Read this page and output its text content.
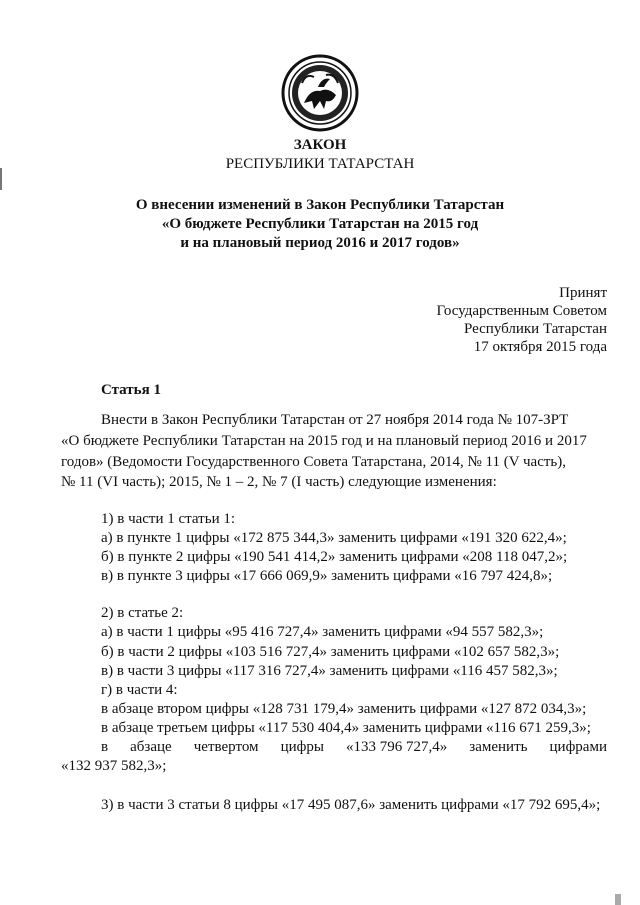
ЗАКОН
РЕСПУБЛИКИ ТАТАРСТАН
О внесении изменений в Закон Республики Татарстан
«О бюджете Республики Татарстан на 2015 год
и на плановый период 2016 и 2017 годов»
Принят
Государственным Советом
Республики Татарстан
17 октября 2015 года
Статья 1
Внести в Закон Республики Татарстан от 27 ноября 2014 года № 107-ЗРТ
«О бюджете Республики Татарстан на 2015 год и на плановый период 2016 и 2017
годов» (Ведомости Государственного Совета Татарстана, 2014, № 11 (V часть),
№ 11 (VI часть); 2015, № 1 – 2, № 7 (I часть) следующие изменения:
1) в части 1 статьи 1:
а) в пункте 1 цифры «172 875 344,3» заменить цифрами «191 320 622,4»;
б) в пункте 2 цифры «190 541 414,2» заменить цифрами «208 118 047,2»;
в) в пункте 3 цифры «17 666 069,9» заменить цифрами «16 797 424,8»;
2) в статье 2:
а) в части 1 цифры «95 416 727,4» заменить цифрами «94 557 582,3»;
б) в части 2 цифры «103 516 727,4» заменить цифрами «102 657 582,3»;
в) в части 3 цифры «117 316 727,4» заменить цифрами «116 457 582,3»;
г) в части 4:
в абзаце втором цифры «128 731 179,4» заменить цифрами «127 872 034,3»;
в абзаце третьем цифры «117 530 404,4» заменить цифрами «116 671 259,3»;
в абзаце четвертом цифры «133 796 727,4» заменить цифрами
«132 937 582,3»;
3) в части 3 статьи 8 цифры «17 495 087,6» заменить цифрами «17 792 695,4»;
